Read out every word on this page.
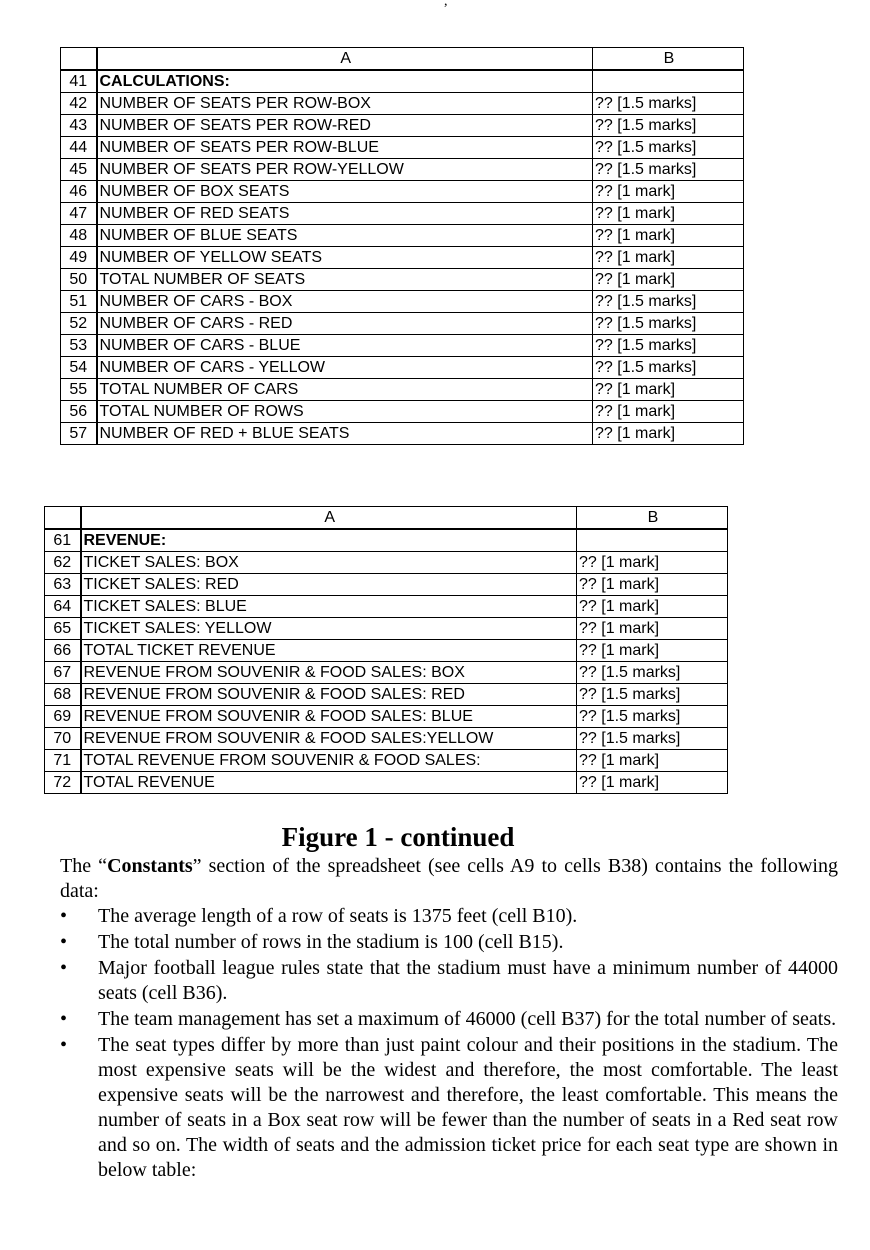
,
	A	B
41	CALCULATIONS:	
42	NUMBER OF SEATS PER ROW-BOX	?? [1.5 marks]
43	NUMBER OF SEATS PER ROW-RED	?? [1.5 marks]
44	NUMBER OF SEATS PER ROW-BLUE	?? [1.5 marks]
45	NUMBER OF SEATS PER ROW-YELLOW	?? [1.5 marks]
46	NUMBER OF BOX SEATS	?? [1 mark]
47	NUMBER OF RED SEATS	?? [1 mark]
48	NUMBER OF BLUE SEATS	?? [1 mark]
49	NUMBER OF YELLOW SEATS	?? [1 mark]
50	TOTAL NUMBER OF SEATS	?? [1 mark]
51	NUMBER OF CARS - BOX	?? [1.5 marks]
52	NUMBER OF CARS - RED	?? [1.5 marks]
53	NUMBER OF CARS - BLUE	?? [1.5 marks]
54	NUMBER OF CARS - YELLOW	?? [1.5 marks]
55	TOTAL NUMBER OF CARS	?? [1 mark]
56	TOTAL NUMBER OF ROWS	?? [1 mark]
57	NUMBER OF RED + BLUE SEATS	?? [1 mark]
	A	B
61	REVENUE:	
62	TICKET SALES: BOX	?? [1 mark]
63	TICKET SALES: RED	?? [1 mark]
64	TICKET SALES: BLUE	?? [1 mark]
65	TICKET SALES: YELLOW	?? [1 mark]
66	TOTAL TICKET REVENUE	?? [1 mark]
67	REVENUE FROM SOUVENIR & FOOD SALES: BOX	?? [1.5 marks]
68	REVENUE FROM SOUVENIR & FOOD SALES: RED	?? [1.5 marks]
69	REVENUE FROM SOUVENIR & FOOD SALES: BLUE	?? [1.5 marks]
70	REVENUE FROM SOUVENIR & FOOD SALES:YELLOW	?? [1.5 marks]
71	TOTAL REVENUE FROM SOUVENIR & FOOD SALES:	?? [1 mark]
72	TOTAL REVENUE	?? [1 mark]
Figure 1 - continued

The “Constants” section of the spreadsheet (see cells A9 to cells B38) contains the following data:

• The average length of a row of seats is 1375 feet (cell B10).
• The total number of rows in the stadium is 100 (cell B15).
• Major football league rules state that the stadium must have a minimum number of 44000 seats (cell B36).
• The team management has set a maximum of 46000 (cell B37) for the total number of seats.
• The seat types differ by more than just paint colour and their positions in the stadium. The most expensive seats will be the widest and therefore, the most comfortable. The least expensive seats will be the narrowest and therefore, the least comfortable. This means the number of seats in a Box seat row will be fewer than the number of seats in a Red seat row and so on. The width of seats and the admission ticket price for each seat type are shown in below table:
